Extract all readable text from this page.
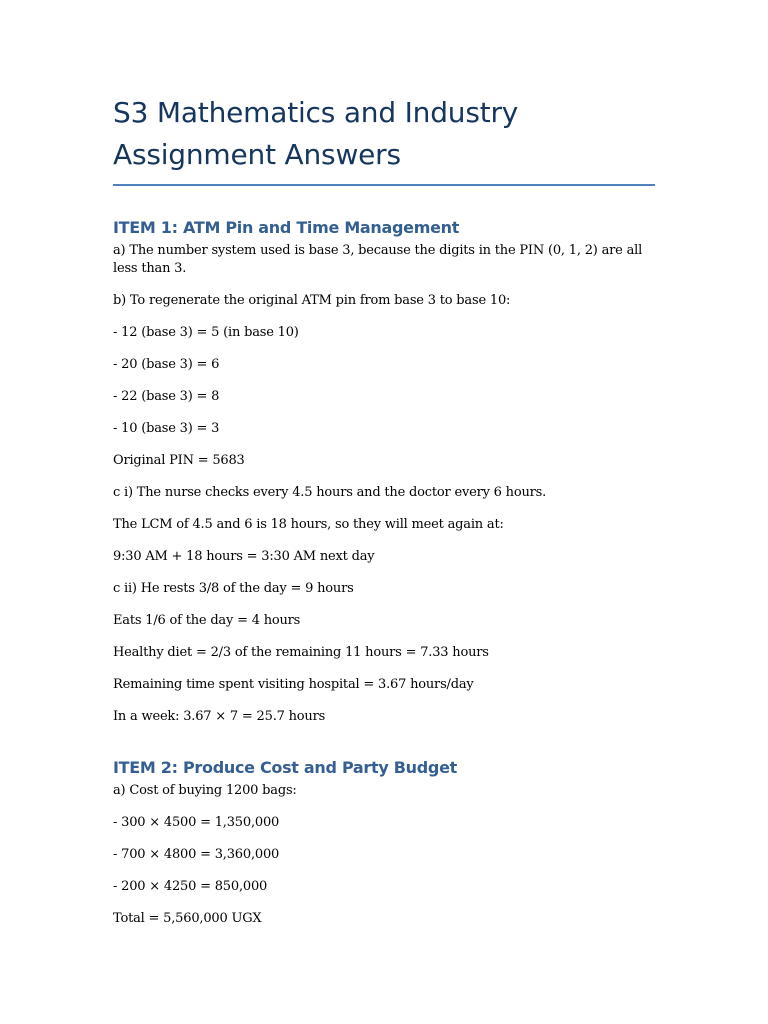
S3 Mathematics and Industry
Assignment Answers
ITEM 1: ATM Pin and Time Management

a) The number system used is base 3, because the digits in the PIN (0, 1, 2) are all less than 3.

b) To regenerate the original ATM pin from base 3 to base 10:

- 12 (base 3) = 5 (in base 10)

- 20 (base 3) = 6

- 22 (base 3) = 8

- 10 (base 3) = 3

Original PIN = 5683

c i) The nurse checks every 4.5 hours and the doctor every 6 hours.

The LCM of 4.5 and 6 is 18 hours, so they will meet again at:

9:30 AM + 18 hours = 3:30 AM next day

c ii) He rests 3/8 of the day = 9 hours

Eats 1/6 of the day = 4 hours

Healthy diet = 2/3 of the remaining 11 hours = 7.33 hours

Remaining time spent visiting hospital = 3.67 hours/day

In a week: 3.67 × 7 = 25.7 hours

ITEM 2: Produce Cost and Party Budget

a) Cost of buying 1200 bags:

- 300 × 4500 = 1,350,000

- 700 × 4800 = 3,360,000

- 200 × 4250 = 850,000

Total = 5,560,000 UGX
